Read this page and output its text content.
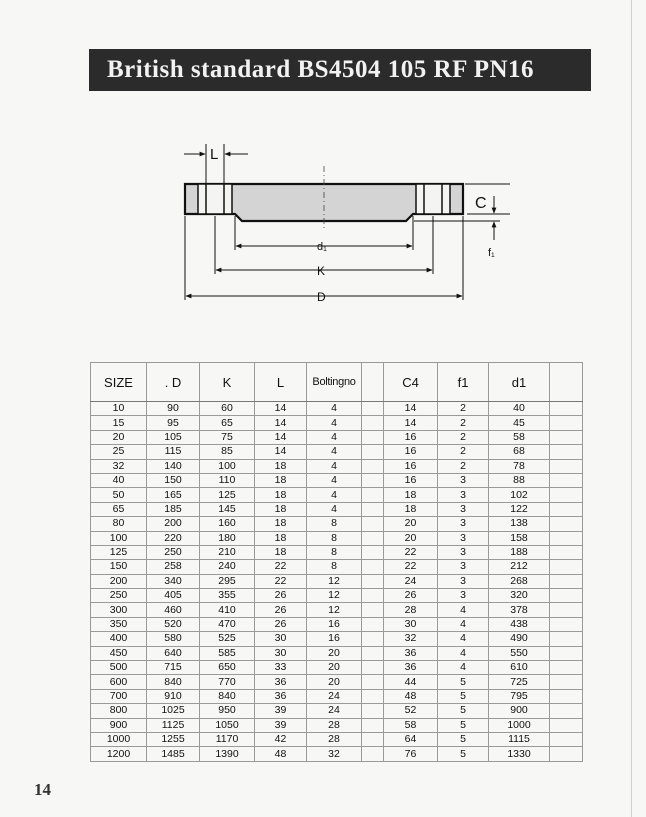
British standard BS4504 105 RF PN16
L
d₁
K
D
C
f₁
SIZE	. D	K	L	Boltingno		C4	f1	d1	
10	90	60	14	4		14	2	40	
15	95	65	14	4		14	2	45	
20	105	75	14	4		16	2	58	
25	115	85	14	4		16	2	68	
32	140	100	18	4		16	2	78	
40	150	110	18	4		16	3	88	
50	165	125	18	4		18	3	102	
65	185	145	18	4		18	3	122	
80	200	160	18	8		20	3	138	
100	220	180	18	8		20	3	158	
125	250	210	18	8		22	3	188	
150	258	240	22	8		22	3	212	
200	340	295	22	12		24	3	268	
250	405	355	26	12		26	3	320	
300	460	410	26	12		28	4	378	
350	520	470	26	16		30	4	438	
400	580	525	30	16		32	4	490	
450	640	585	30	20		36	4	550	
500	715	650	33	20		36	4	610	
600	840	770	36	20		44	5	725	
700	910	840	36	24		48	5	795	
800	1025	950	39	24		52	5	900	
900	1125	1050	39	28		58	5	1000	
1000	1255	1170	42	28		64	5	1115	
1200	1485	1390	48	32		76	5	1330	
14
